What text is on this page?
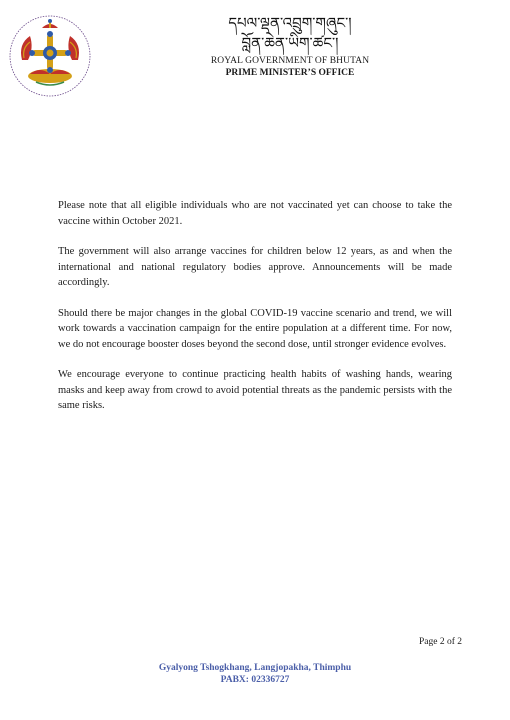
དཔལ་ལྡན་འབྲུག་གཞུང་།

བློན་ཆེན་ཡིག་ཚང་།

ROYAL GOVERNMENT OF BHUTAN

PRIME MINISTER’S OFFICE

Please note that all eligible individuals who are not vaccinated yet can choose to take the vaccine within October 2021.

The government will also arrange vaccines for children below 12 years, as and when the international and national regulatory bodies approve. Announcements will be made accordingly.

Should there be major changes in the global COVID-19 vaccine scenario and trend, we will work towards a vaccination campaign for the entire population at a different time. For now, we do not encourage booster doses beyond the second dose, until stronger evidence evolves.

We encourage everyone to continue practicing health habits of washing hands, wearing masks and keep away from crowd to avoid potential threats as the pandemic persists with the same risks.

Page 2 of 2
Gyalyong Tshogkhang, Langjopakha, Thimphu
PABX: 02336727
